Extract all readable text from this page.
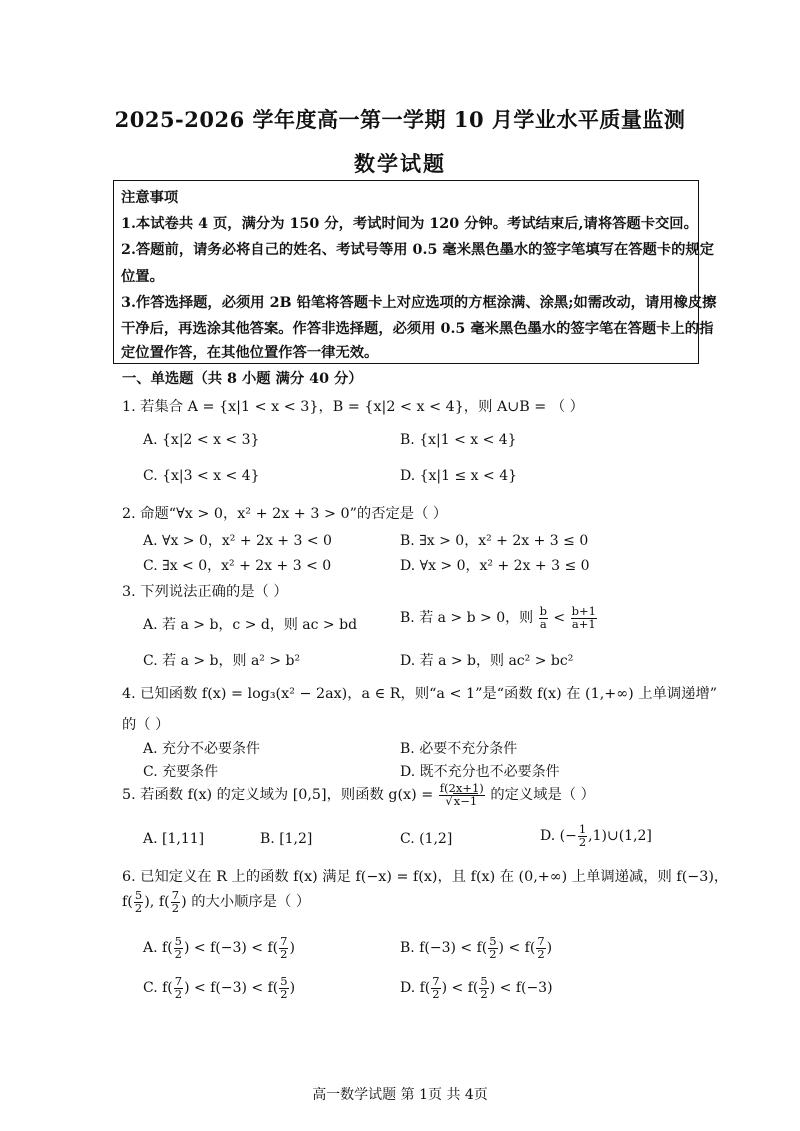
2025-2026 学年度高一第一学期 10 月学业水平质量监测
数学试题
注意事项
1.本试卷共 4 页，满分为 150 分，考试时间为 120 分钟。考试结束后,请将答题卡交回。
2.答题前，请务必将自己的姓名、考试号等用 0.5 毫米黑色墨水的签字笔填写在答题卡的规定
位置。
3.作答选择题，必须用 2B 铅笔将答题卡上对应选项的方框涂满、涂黑;如需改动，请用橡皮擦
干净后，再选涂其他答案。作答非选择题，必须用 0.5 毫米黑色墨水的签字笔在答题卡上的指
定位置作答，在其他位置作答一律无效。
一、单选题（共 8 小题 满分 40 分）
1. 若集合 A = {x|1 < x < 3}，B = {x|2 < x < 4}，则 A∪B = （ ）
A. {x|2 < x < 3}	B. {x|1 < x < 4}
C. {x|3 < x < 4}	D. {x|1 ≤ x < 4}
2. 命题“∀x > 0，x² + 2x + 3 > 0”的否定是（ ）
A. ∀x > 0，x² + 2x + 3 < 0	B. ∃x > 0，x² + 2x + 3 ≤ 0
C. ∃x < 0，x² + 2x + 3 < 0	D. ∀x > 0，x² + 2x + 3 ≤ 0
3. 下列说法正确的是（ ）
A. 若 a > b，c > d，则 ac > bd	B. 若 a > b > 0，则 $\frac{b}{a} < \frac{b+1}{a+1}$
C. 若 a > b，则 a² > b²	D. 若 a > b，则 ac² > bc²
4. 已知函数 f(x) = log₃(x² − 2ax)，a ∈ R，则“a < 1”是“函数 f(x) 在 (1,+∞) 上单调递增”
的（ ）
A. 充分不必要条件	B. 必要不充分条件
C. 充要条件	D. 既不充分也不必要条件
5. 若函数 f(x) 的定义域为 [0,5]，则函数 $g(x) = \frac{f(2x+1)}{√x-1}$ 的定义域是（ ）
A. [1,11]	B. [1,2]	C. (1,2]	D. (− $\frac{1}{2}$ ,1)∪(1,2]
6. 已知定义在 R 上的函数 f(x) 满足 f(−x) = f(x)，且 f(x) 在 (0,+∞) 上单调递减，则 f(−3)，
$f( \frac{5}{2}$ ), $f( \frac{7}{2}$ ) 的大小顺序是（ ）
A. $f( \frac{5}{2}$ ) < $f(-3) < f( \frac{7}{2}$ )	B. $f(-3) < f( \frac{5}{2}$ ) < $f( \frac{7}{2}$ )
C. $f( \frac{7}{2}$ ) < $f(-3) < f( \frac{5}{2}$ )	D. $f( \frac{7}{2}$ ) < $f( \frac{5}{2}$ ) < f(−3)
高一数学试题 第 1页 共 4页
